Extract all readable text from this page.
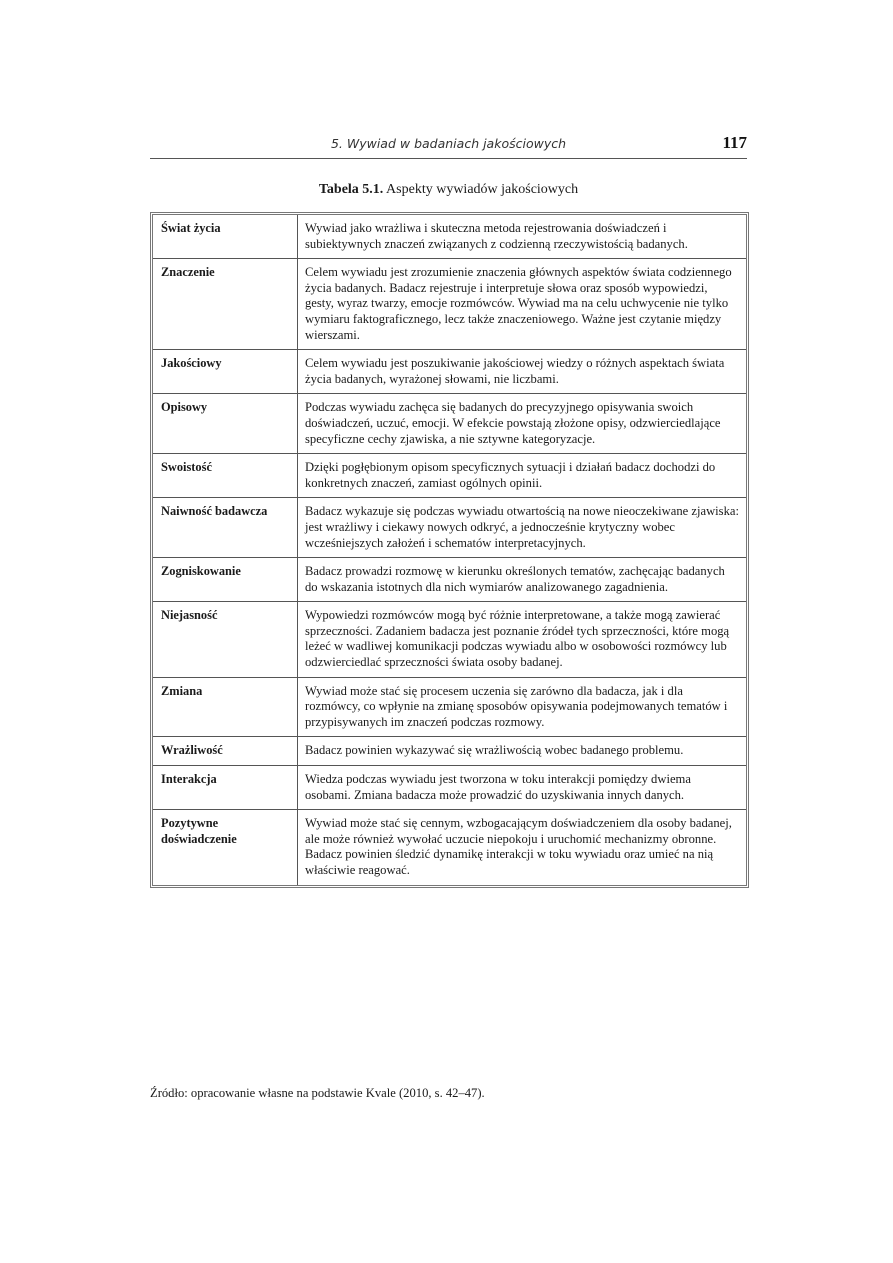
5. Wywiad w badaniach jakościowych	117
Tabela 5.1. Aspekty wywiadów jakościowych
Świat życia	Wywiad jako wrażliwa i skuteczna metoda rejestrowania doświadczeń i subiektywnych znaczeń związanych z codzienną rzeczywistością badanych.
Znaczenie	Celem wywiadu jest zrozumienie znaczenia głównych aspektów świata codziennego życia badanych. Badacz rejestruje i interpretuje słowa oraz sposób wypowiedzi, gesty, wyraz twarzy, emocje rozmówców. Wywiad ma na celu uchwycenie nie tylko wymiaru faktograficznego, lecz także znaczeniowego. Ważne jest czytanie między wierszami.
Jakościowy	Celem wywiadu jest poszukiwanie jakościowej wiedzy o różnych aspektach świata życia badanych, wyrażonej słowami, nie liczbami.
Opisowy	Podczas wywiadu zachęca się badanych do precyzyjnego opisywania swoich doświadczeń, uczuć, emocji. W efekcie powstają złożone opisy, odzwierciedlające specyficzne cechy zjawiska, a nie sztywne kategoryzacje.
Swoistość	Dzięki pogłębionym opisom specyficznych sytuacji i działań badacz dochodzi do konkretnych znaczeń, zamiast ogólnych opinii.
Naiwność badawcza	Badacz wykazuje się podczas wywiadu otwartością na nowe nieoczekiwane zjawiska: jest wrażliwy i ciekawy nowych odkryć, a jednocześnie krytyczny wobec wcześniejszych założeń i schematów interpretacyjnych.
Zogniskowanie	Badacz prowadzi rozmowę w kierunku określonych tematów, zachęcając badanych do wskazania istotnych dla nich wymiarów analizowanego zagadnienia.
Niejasność	Wypowiedzi rozmówców mogą być różnie interpretowane, a także mogą zawierać sprzeczności. Zadaniem badacza jest poznanie źródeł tych sprzeczności, które mogą leżeć w wadliwej komunikacji podczas wywiadu albo w osobowości rozmówcy lub odzwierciedlać sprzeczności świata osoby badanej.
Zmiana	Wywiad może stać się procesem uczenia się zarówno dla badacza, jak i dla rozmówcy, co wpłynie na zmianę sposobów opisywania podejmowanych tematów i przypisywanych im znaczeń podczas rozmowy.
Wrażliwość	Badacz powinien wykazywać się wrażliwością wobec badanego problemu.
Interakcja	Wiedza podczas wywiadu jest tworzona w toku interakcji pomiędzy dwiema osobami. Zmiana badacza może prowadzić do uzyskiwania innych danych.
Pozytywne doświadczenie	Wywiad może stać się cennym, wzbogacającym doświadczeniem dla osoby badanej, ale może również wywołać uczucie niepokoju i uruchomić mechanizmy obronne. Badacz powinien śledzić dynamikę interakcji w toku wywiadu oraz umieć na nią właściwie reagować.
Źródło: opracowanie własne na podstawie Kvale (2010, s. 42–47).
